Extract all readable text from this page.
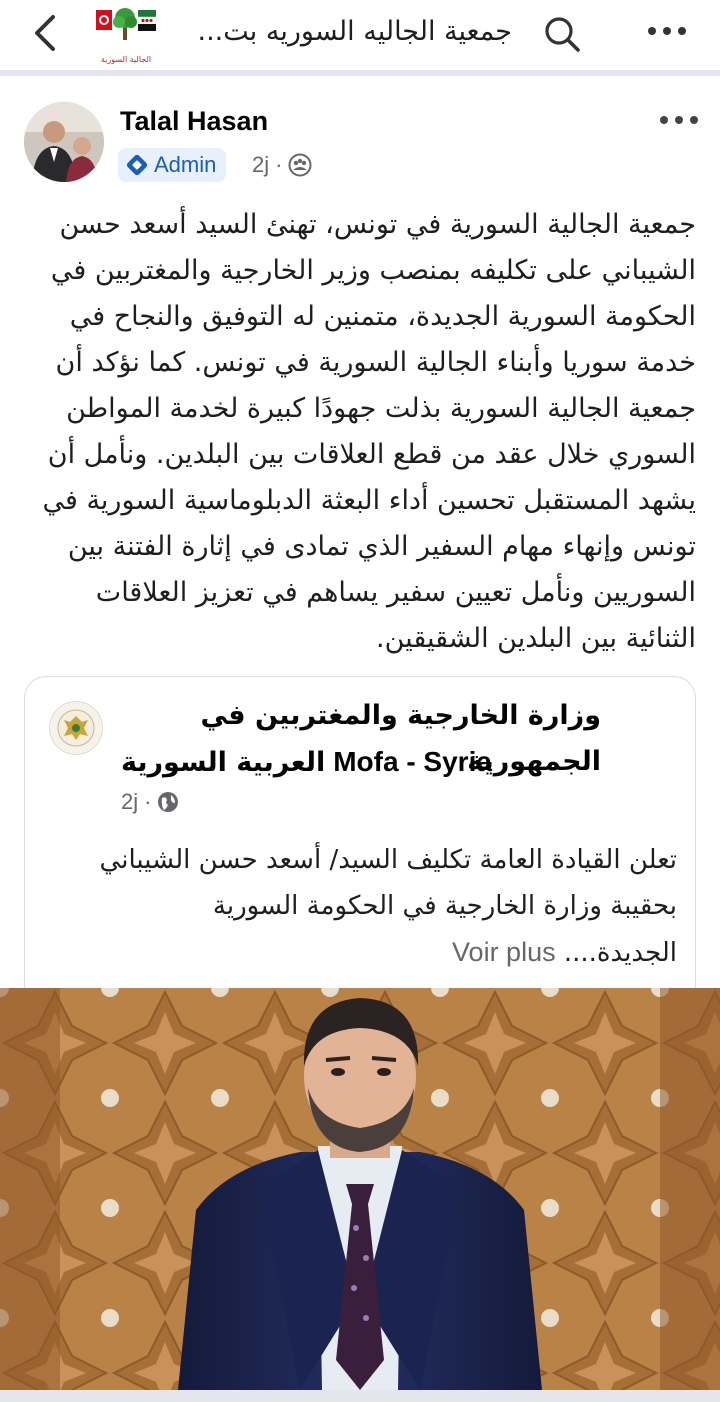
الجالية السورية
جمعية الجاليه السوريه بت...
Talal Hasan
Admin 2j ·
جمعية الجالية السورية في تونس، تهنئ السيد أسعد حسن
الشيباني على تكليفه بمنصب وزير الخارجية والمغتربين في
الحكومة السورية الجديدة، متمنين له التوفيق والنجاح في
خدمة سوريا وأبناء الجالية السورية في تونس. كما نؤكد أن
جمعية الجالية السورية بذلت جهودًا كبيرة لخدمة المواطن
السوري خلال عقد من قطع العلاقات بين البلدين. ونأمل أن
يشهد المستقبل تحسين أداء البعثة الدبلوماسية السورية في
تونس وإنهاء مهام السفير الذي تمادى في إثارة الفتنة بين
السوريين ونأمل تعيين سفير يساهم في تعزيز العلاقات
الثنائية بين البلدين الشقيقين.
وزارة الخارجية والمغتربين في الجمهورية
العربية السورية Mofa - Syria
2j ·
تعلن القيادة العامة تكليف السيد/ أسعد حسن الشيباني
بحقيبة وزارة الخارجية في الحكومة السورية
الجديدة.... Voir plus
